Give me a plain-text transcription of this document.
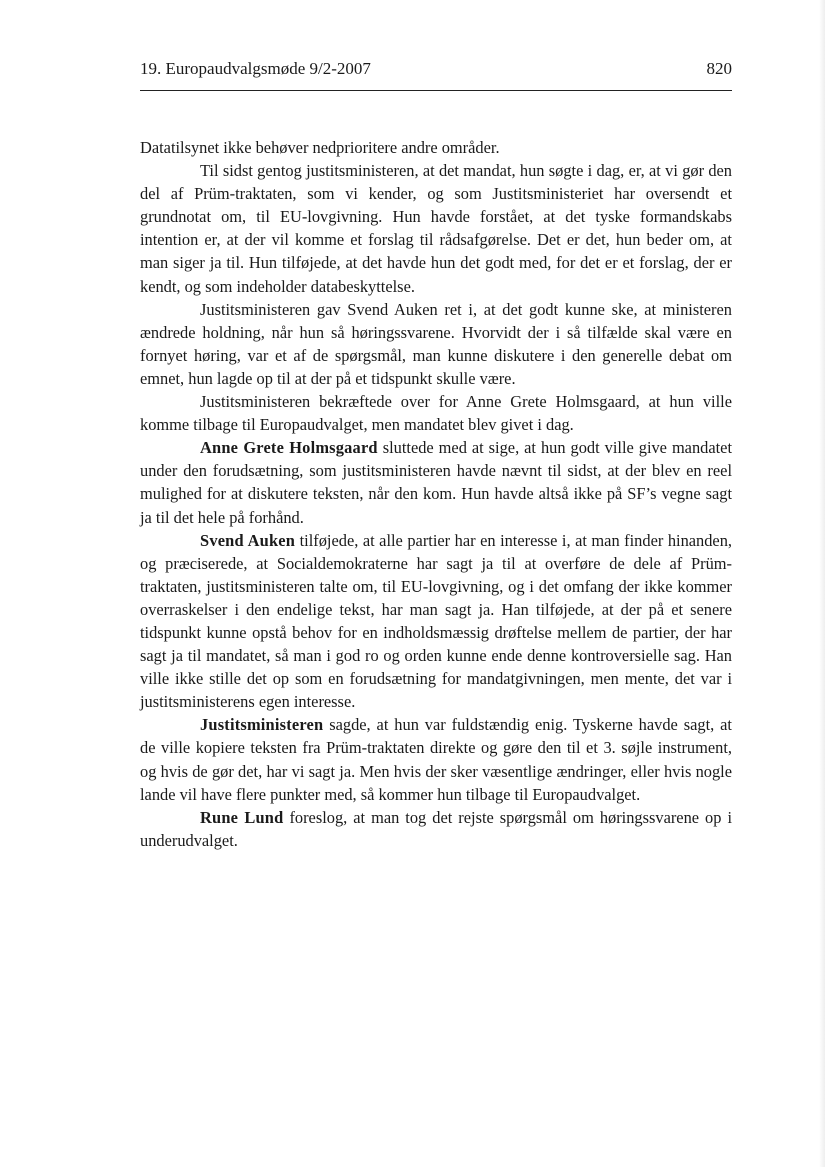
19. Europaudvalgsmøde 9/2-2007	820

Datatilsynet ikke behøver nedprioritere andre områder.

Til sidst gentog justitsministeren, at det mandat, hun søgte i dag, er, at vi gør den del af Prüm-traktaten, som vi kender, og som Justitsministeriet har oversendt et grundnotat om, til EU-lovgivning. Hun havde forstået, at det tyske formandskabs intention er, at der vil komme et forslag til rådsafgørelse. Det er det, hun beder om, at man siger ja til. Hun tilføjede, at det havde hun det godt med, for det er et forslag, der er kendt, og som indeholder databeskyttelse.

Justitsministeren gav Svend Auken ret i, at det godt kunne ske, at ministeren ændrede holdning, når hun så høringssvarene. Hvorvidt der i så tilfælde skal være en fornyet høring, var et af de spørgsmål, man kunne diskutere i den generelle debat om emnet, hun lagde op til at der på et tidspunkt skulle være.

Justitsministeren bekræftede over for Anne Grete Holmsgaard, at hun ville komme tilbage til Europaudvalget, men mandatet blev givet i dag.

Anne Grete Holmsgaard sluttede med at sige, at hun godt ville give mandatet under den forudsætning, som justitsministeren havde nævnt til sidst, at der blev en reel mulighed for at diskutere teksten, når den kom. Hun havde altså ikke på SF’s vegne sagt ja til det hele på forhånd.

Svend Auken tilføjede, at alle partier har en interesse i, at man finder hinanden, og præciserede, at Socialdemokraterne har sagt ja til at overføre de dele af Prüm-traktaten, justitsministeren talte om, til EU-lovgivning, og i det omfang der ikke kommer overraskelser i den endelige tekst, har man sagt ja. Han tilføjede, at der på et senere tidspunkt kunne opstå behov for en indholdsmæssig drøftelse mellem de partier, der har sagt ja til mandatet, så man i god ro og orden kunne ende denne kontroversielle sag. Han ville ikke stille det op som en forudsætning for mandatgivningen, men mente, det var i justitsministerens egen interesse.

Justitsministeren sagde, at hun var fuldstændig enig. Tyskerne havde sagt, at de ville kopiere teksten fra Prüm-traktaten direkte og gøre den til et 3. søjle instrument, og hvis de gør det, har vi sagt ja. Men hvis der sker væsentlige ændringer, eller hvis nogle lande vil have flere punkter med, så kommer hun tilbage til Europaudvalget.

Rune Lund foreslog, at man tog det rejste spørgsmål om høringssvarene op i underudvalget.
